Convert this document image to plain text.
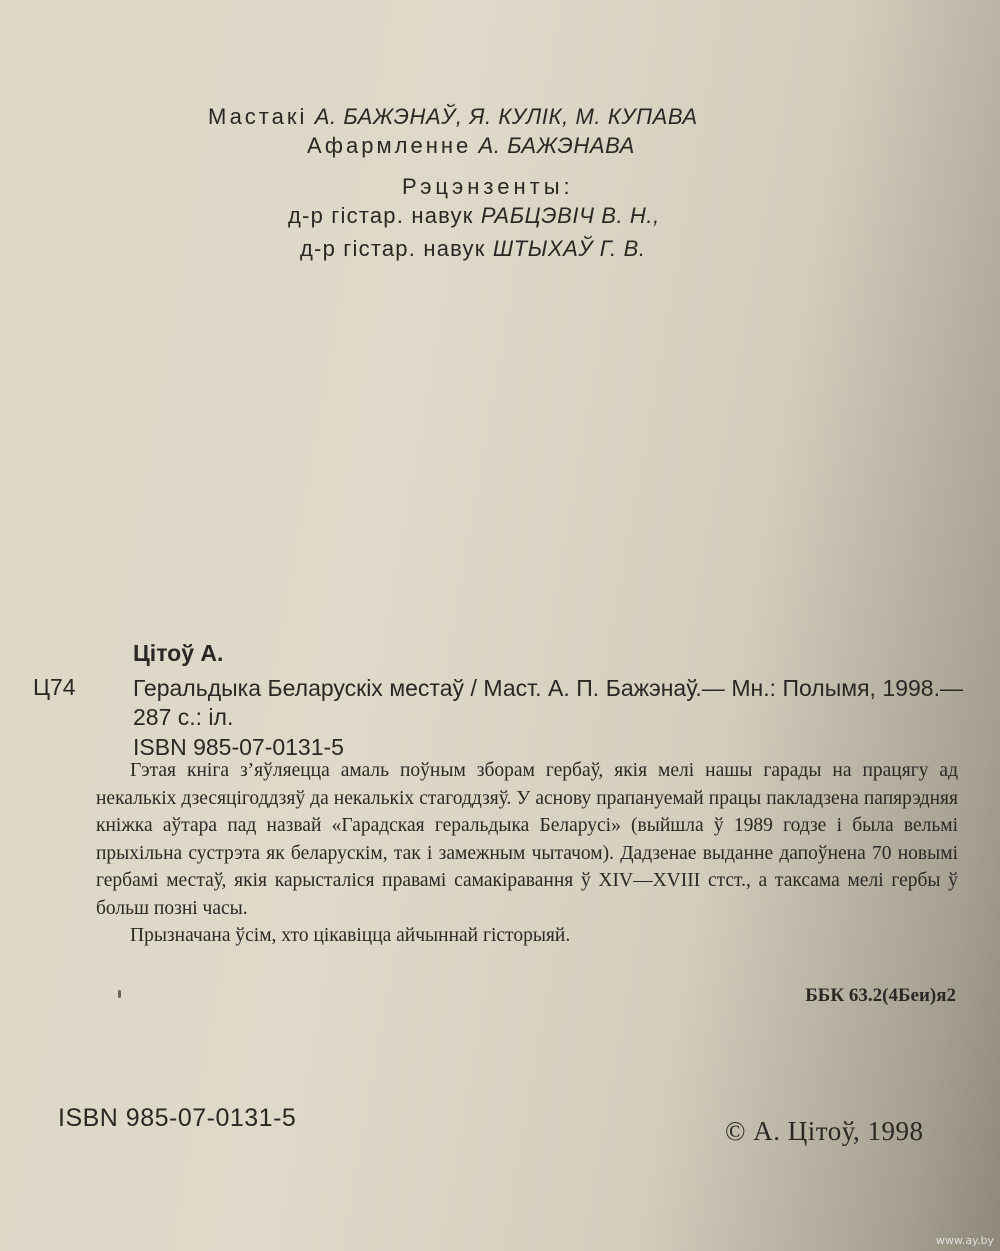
Мастакі А. БАЖЭНАЎ, Я. КУЛІК, М. КУПАВА
Афармленне А. БАЖЭНАВА
Рэцэнзенты:
д-р гістар. навук РАБЦЭВІЧ В. Н.,
д-р гістар. навук ШТЫХАЎ Г. В.
Цітоў А.
Ц74 Геральдыка Беларускіх местаў / Маст. А. П. Бажэнаў.— Мн.: Полымя, 1998.—287 с.: іл.
ISBN 985-07-0131-5

Гэтая кніга з’яўляецца амаль поўным зборам гербаў, якія мелі нашы гарады на працягу ад некалькіх дзесяцігоддзяў да некалькіх стагоддзяў. У аснову прапануемай працы пакладзена папярэдняя кніжка аўтара пад назвай «Гарадская геральдыка Беларусі» (выйшла ў 1989 годзе і была вельмі прыхільна сустрэта як беларускім, так і замежным чытачом). Дадзенае выданне дапоўнена 70 новымі гербамі местаў, якія карысталіся правамі самакіравання ў XIV—XVIII стст., а таксама мелі гербы ў больш позні часы.

Прызначана ўсім, хто цікавіцца айчыннай гісторыяй.

ББК 63.2(4Беи)я2
ISBN 985-07-0131-5	© А. Цітоў, 1998
www.ay.by
